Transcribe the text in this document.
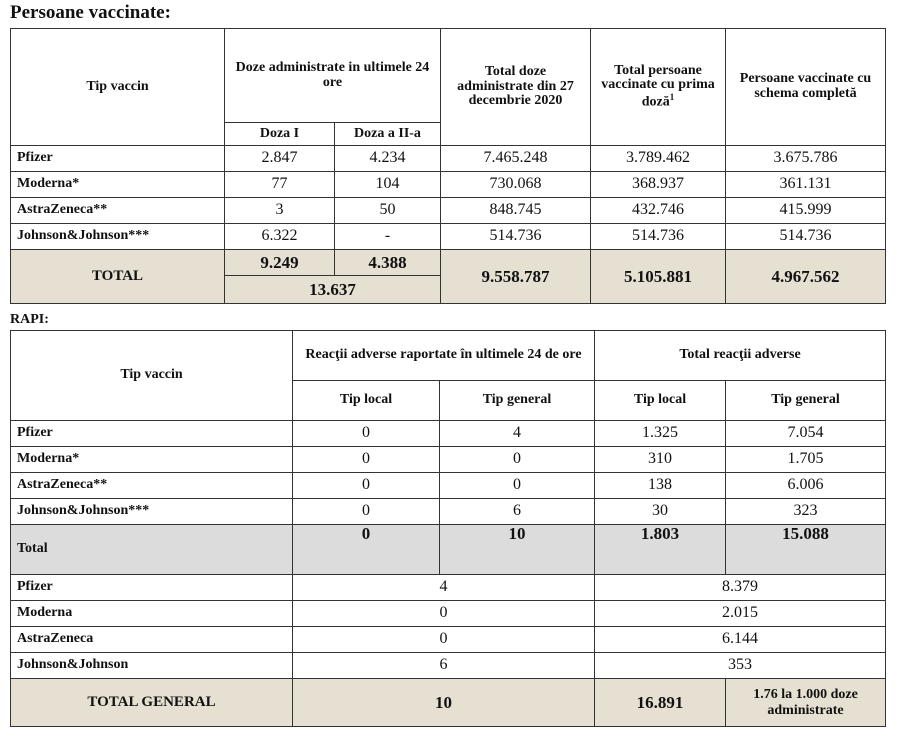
Persoane vaccinate:
Tip vaccin	Doze administrate in ultimele 24 ore		Total doze administrate din 27 decembrie 2020	Total persoane vaccinate cu prima doză$^1$	Persoane vaccinate cu schema completă
	Doza I	Doza a II-a			
Pfizer	2.847	4.234	7.465.248	3.789.462	3.675.786
Moderna*	77	104	730.068	368.937	361.131
AstraZeneca**	3	50	848.745	432.746	415.999
Johnson&Johnson***	6.322	-	514.736	514.736	514.736
TOTAL	9.249	4.388	9.558.787	5.105.881	4.967.562
	13.637				
RAPI:
Tip vaccin	Reacţii adverse raportate în ultimele 24 de ore		Total reacţii adverse	
	Tip local	Tip general	Tip local	Tip general
Pfizer	0	4	1.325	7.054
Moderna*	0	0	310	1.705
AstraZeneca**	0	0	138	6.006
Johnson&Johnson***	0	6	30	323
Total	0	10	1.803	15.088
Pfizer	4		8.379	
Moderna	0		2.015	
AstraZeneca	0		6.144	
Johnson&Johnson	6		353	
TOTAL GENERAL	10		16.891	1.76 la 1.000 doze administrate
